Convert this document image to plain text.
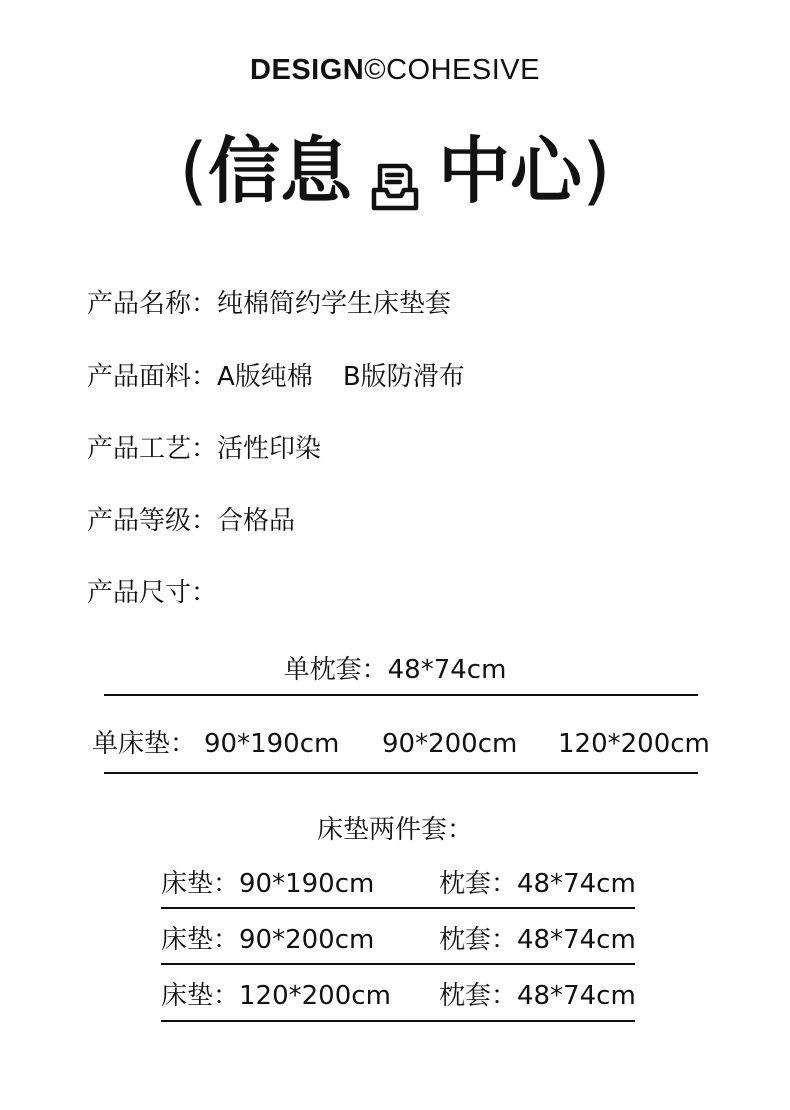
DESIGN©COHESIVE
( 信息 中心 )
产品名称：纯棉简约学生床垫套
产品面料：A版纯棉 B版防滑布
产品工艺：活性印染
产品等级：合格品
产品尺寸：
单枕套：48*74cm
单床垫： 90*190cm 90*200cm 120*200cm
床垫两件套：
床垫：90*190cm 枕套：48*74cm
床垫：90*200cm 枕套：48*74cm
床垫：120*200cm 枕套：48*74cm
